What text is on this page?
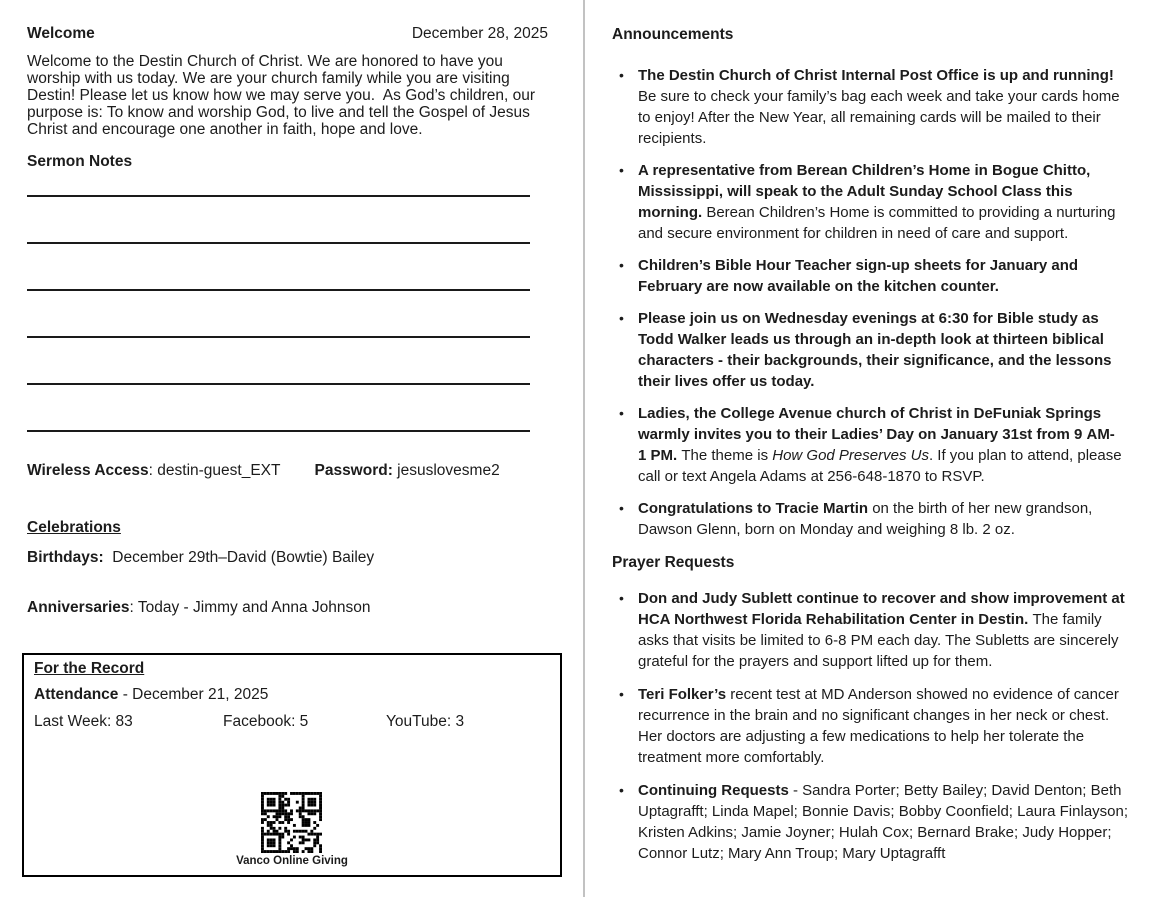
Welcome	December 28, 2025
Welcome to the Destin Church of Christ. We are honored to have you worship with us today. We are your church family while you are visiting Destin! Please let us know how we may serve you.  As God’s children, our purpose is: To know and worship God, to live and tell the Gospel of Jesus Christ and encourage one another in faith, hope and love.
Sermon Notes
Wireless Access: destin-guest_EXT Password: jesuslovesme2
Celebrations
Birthdays:  December 29th–David (Bowtie) Bailey
Anniversaries: Today - Jimmy and Anna Johnson
For the Record
Attendance - December 21, 2025
Last Week: 83	Facebook: 5	YouTube: 3
Vanco Online Giving
Announcements
• The Destin Church of Christ Internal Post Office is up and running! Be sure to check your family’s bag each week and take your cards home to enjoy! After the New Year, all remaining cards will be mailed to their recipients.
• A representative from Berean Children’s Home in Bogue Chitto, Mississippi, will speak to the Adult Sunday School Class this morning. Berean Children’s Home is committed to providing a nurturing and secure environment for children in need of care and support.
• Children’s Bible Hour Teacher sign-up sheets for January and February are now available on the kitchen counter.
• Please join us on Wednesday evenings at 6:30 for Bible study as Todd Walker leads us through an in-depth look at thirteen biblical characters - their backgrounds, their significance, and the lessons their lives offer us today.
• Ladies, the College Avenue church of Christ in DeFuniak Springs warmly invites you to their Ladies’ Day on January 31st from 9 AM-1 PM. The theme is How God Preserves Us. If you plan to attend, please call or text Angela Adams at 256-648-1870 to RSVP.
• Congratulations to Tracie Martin on the birth of her new grandson, Dawson Glenn, born on Monday and weighing 8 lb. 2 oz.
Prayer Requests
• Don and Judy Sublett continue to recover and show improvement at HCA Northwest Florida Rehabilitation Center in Destin. The family asks that visits be limited to 6-8 PM each day. The Subletts are sincerely grateful for the prayers and support lifted up for them.
• Teri Folker’s recent test at MD Anderson showed no evidence of cancer recurrence in the brain and no significant changes in her neck or chest. Her doctors are adjusting a few medications to help her tolerate the treatment more comfortably.
• Continuing Requests - Sandra Porter; Betty Bailey; David Denton; Beth Uptagrafft; Linda Mapel; Bonnie Davis; Bobby Coonfield; Laura Finlayson; Kristen Adkins; Jamie Joyner; Hulah Cox; Bernard Brake; Judy Hopper; Connor Lutz; Mary Ann Troup; Mary Uptagrafft
